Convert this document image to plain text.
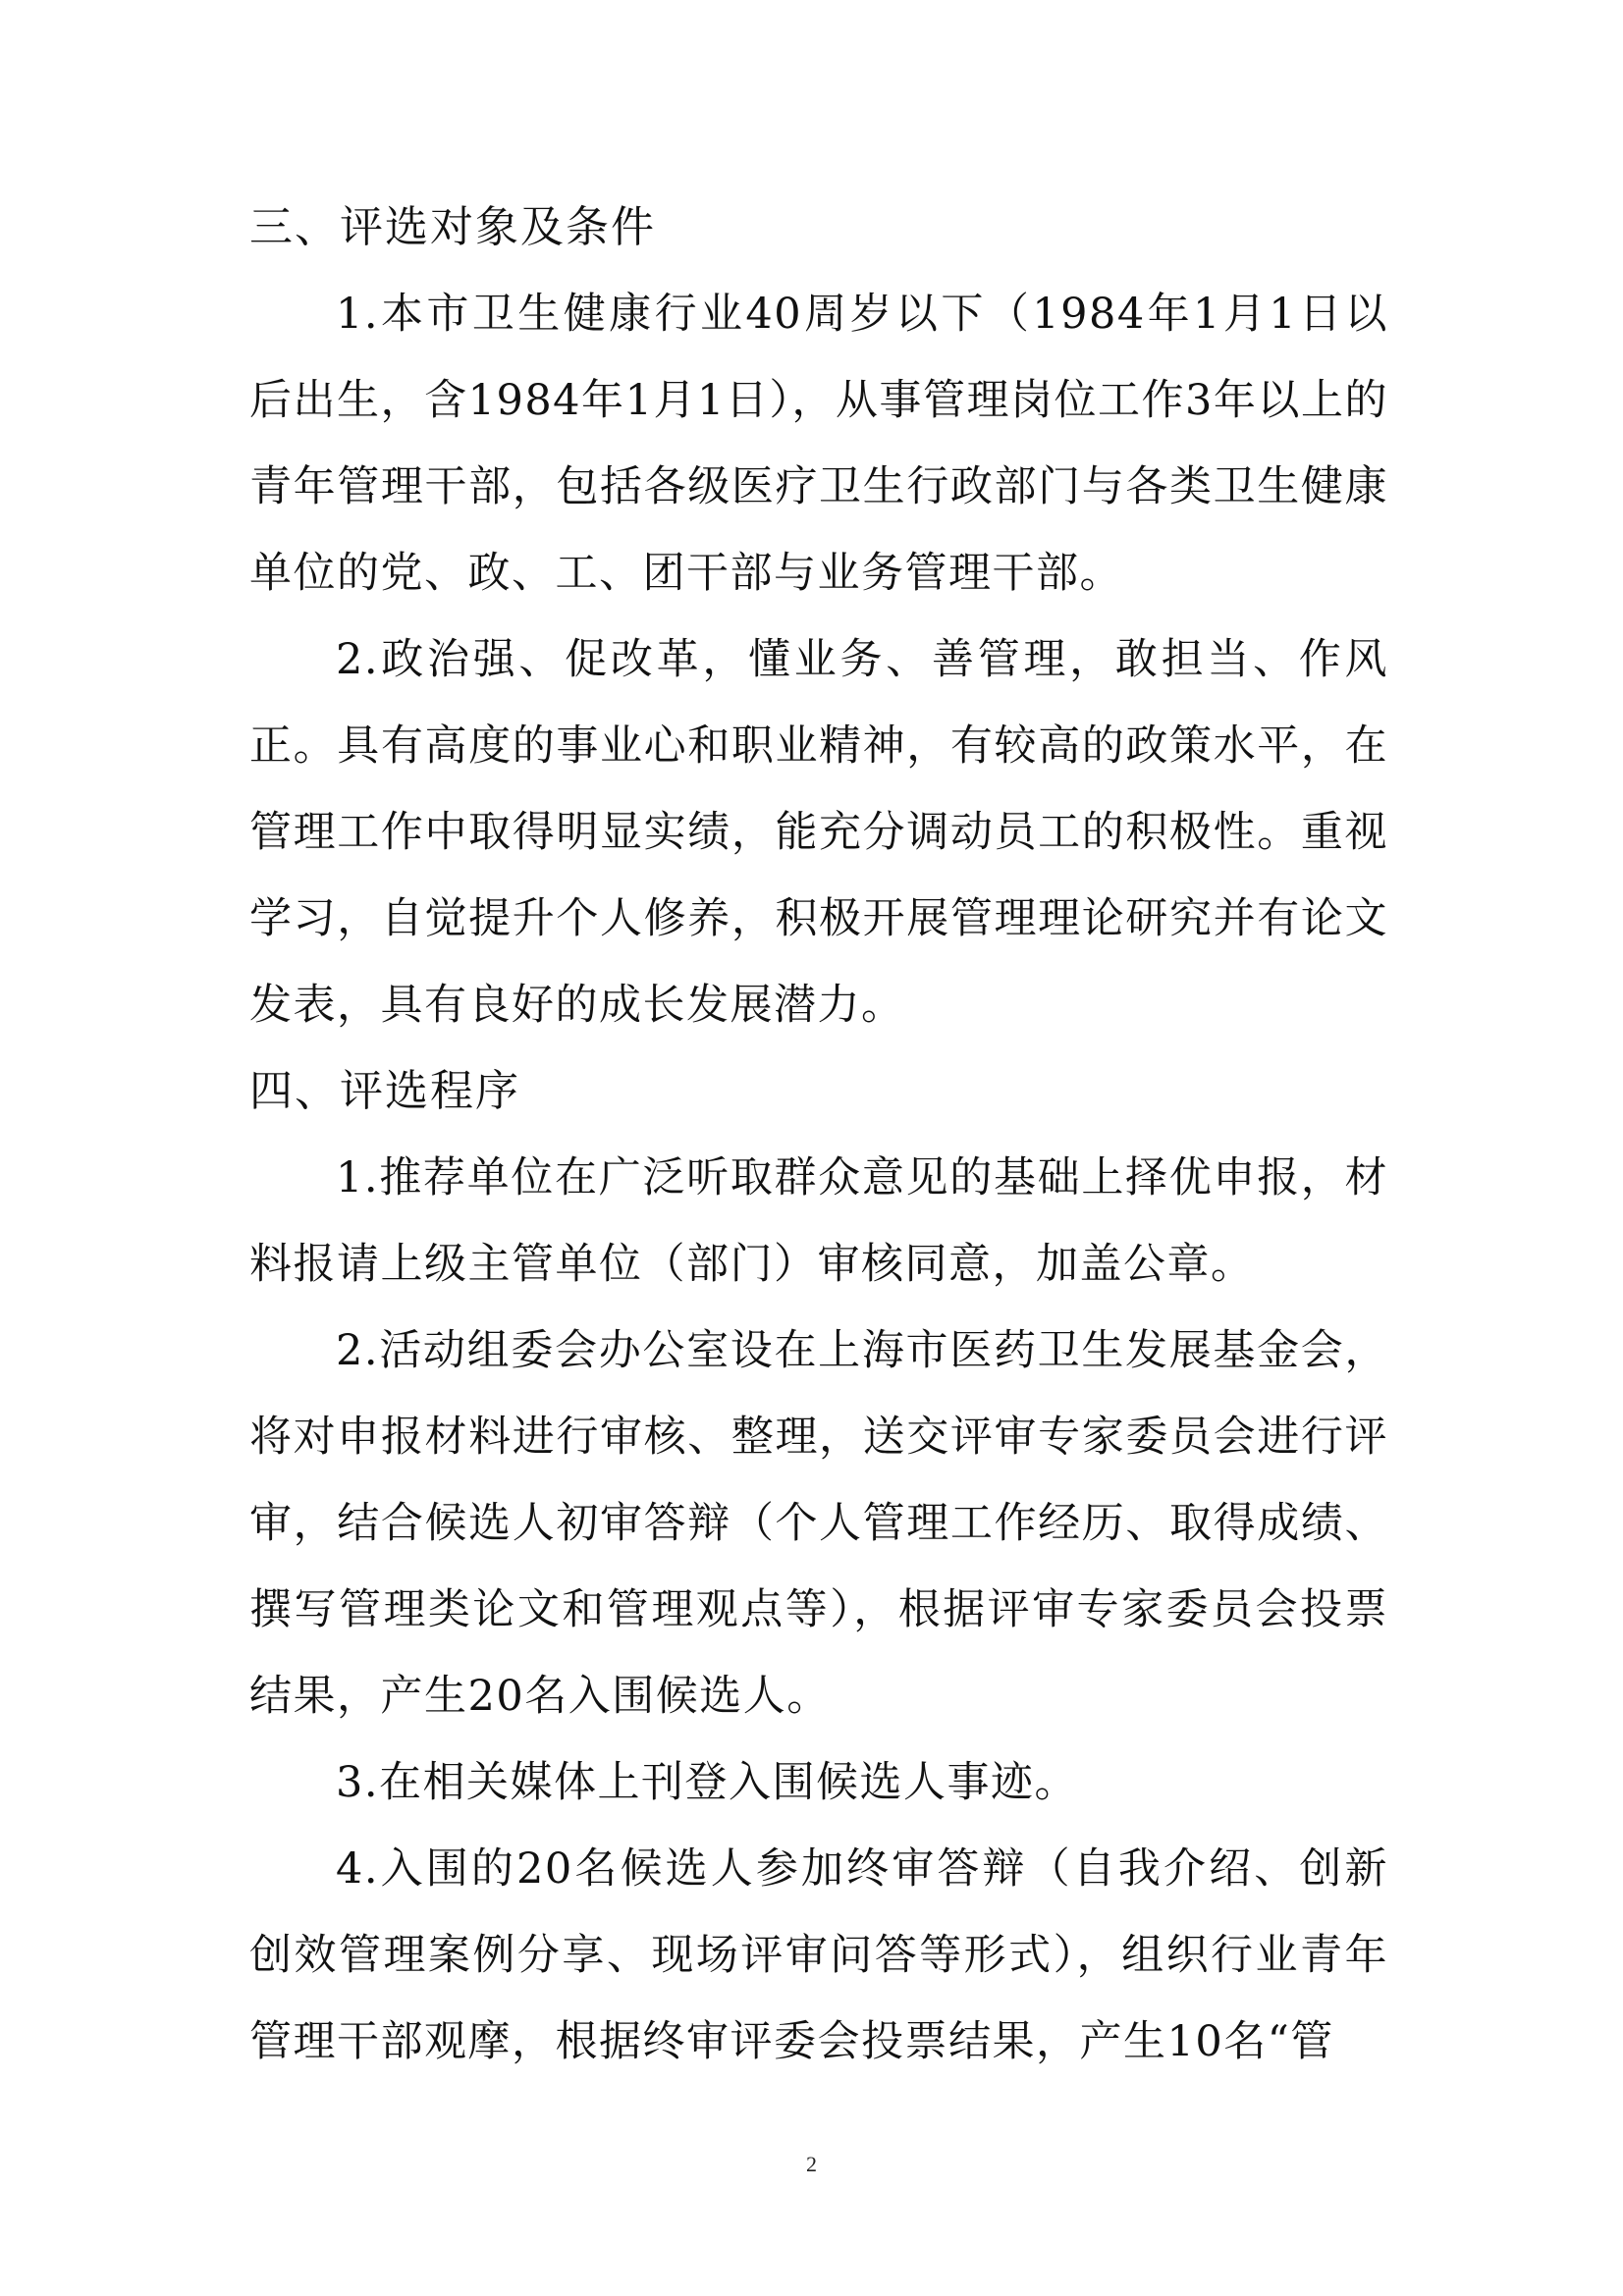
三、评选对象及条件

1.本市卫生健康行业40周岁以下（1984年1月1日以后出生，含1984年1月1日），从事管理岗位工作3年以上的青年管理干部，包括各级医疗卫生行政部门与各类卫生健康单位的党、政、工、团干部与业务管理干部。

2.政治强、促改革，懂业务、善管理，敢担当、作风正。具有高度的事业心和职业精神，有较高的政策水平，在管理工作中取得明显实绩，能充分调动员工的积极性。重视学习，自觉提升个人修养，积极开展管理理论研究并有论文发表，具有良好的成长发展潜力。

四、评选程序

1.推荐单位在广泛听取群众意见的基础上择优申报，材料报请上级主管单位（部门）审核同意，加盖公章。

2.活动组委会办公室设在上海市医药卫生发展基金会，将对申报材料进行审核、整理，送交评审专家委员会进行评审，结合候选人初审答辩（个人管理工作经历、取得成绩、撰写管理类论文和管理观点等），根据评审专家委员会投票结果，产生20名入围候选人。

3.在相关媒体上刊登入围候选人事迹。

4.入围的20名候选人参加终审答辩（自我介绍、创新创效管理案例分享、现场评审问答等形式），组织行业青年管理干部观摩，根据终审评委会投票结果，产生10名“管

2
